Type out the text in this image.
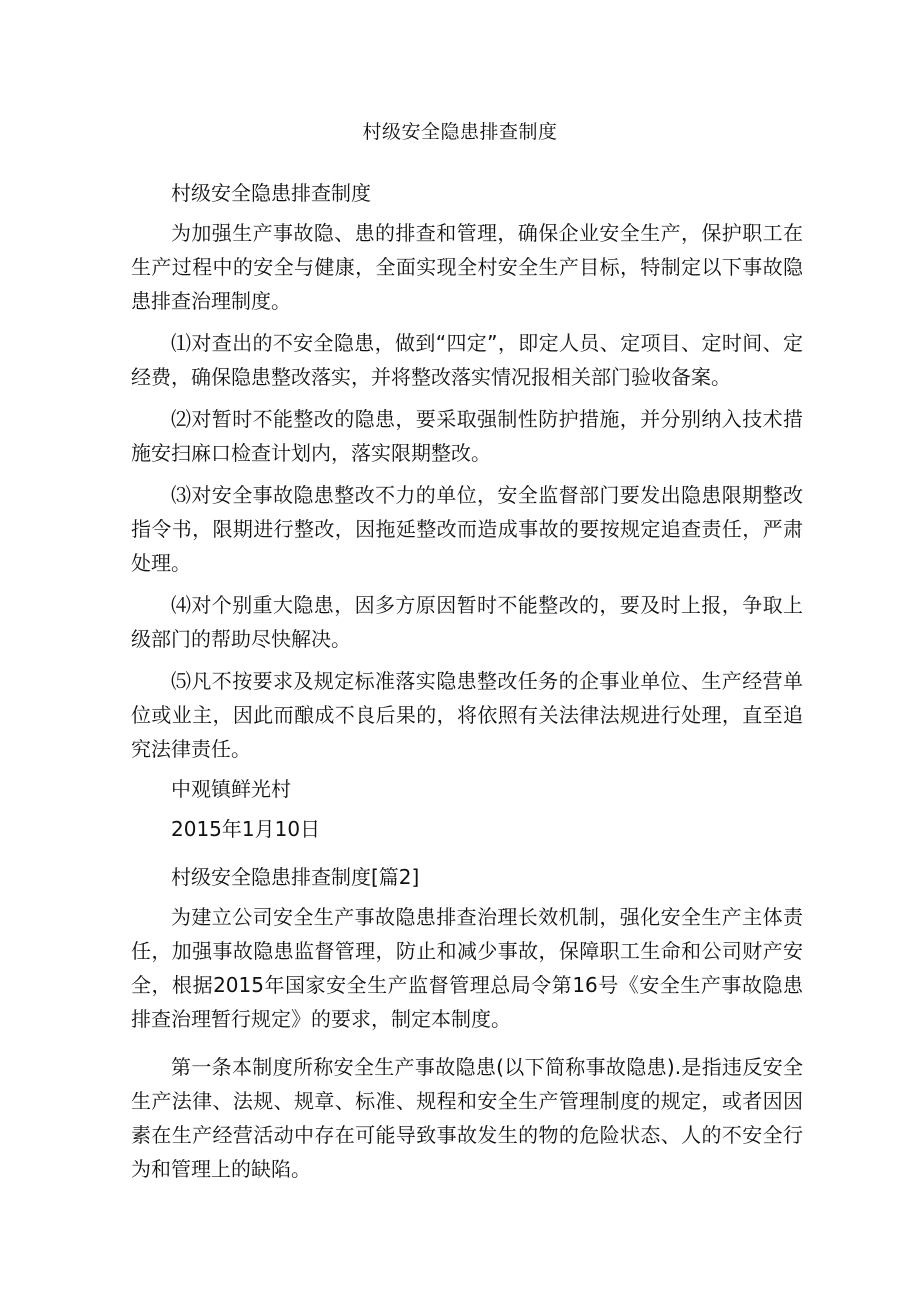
村级安全隐患排查制度

村级安全隐患排查制度

为加强生产事故隐、患的排查和管理，确保企业安全生产，保护职工在生产过程中的安全与健康，全面实现全村安全生产目标，特制定以下事故隐患排查治理制度。

⑴对查出的不安全隐患，做到“四定”，即定人员、定项目、定时间、定经费，确保隐患整改落实，并将整改落实情况报相关部门验收备案。

⑵对暂时不能整改的隐患，要采取强制性防护措施，并分别纳入技术措施安扫麻口检查计划内，落实限期整改。

⑶对安全事故隐患整改不力的单位，安全监督部门要发出隐患限期整改指令书，限期进行整改，因拖延整改而造成事故的要按规定追查责任，严肃处理。

⑷对个别重大隐患，因多方原因暂时不能整改的，要及时上报，争取上级部门的帮助尽快解决。

⑸凡不按要求及规定标准落实隐患整改任务的企事业单位、生产经营单位或业主，因此而酿成不良后果的，将依照有关法律法规进行处理，直至追究法律责任。

中观镇鲜光村

2015年1月10日

村级安全隐患排查制度[篇2]

为建立公司安全生产事故隐患排查治理长效机制，强化安全生产主体责任，加强事故隐患监督管理，防止和减少事故，保障职工生命和公司财产安全，根据2015年国家安全生产监督管理总局令第16号《安全生产事故隐患排查治理暂行规定》的要求，制定本制度。

第一条本制度所称安全生产事故隐患(以下简称事故隐患).是指违反安全生产法律、法规、规章、标准、规程和安全生产管理制度的规定，或者因因素在生产经营活动中存在可能导致事故发生的物的危险状态、人的不安全行为和管理上的缺陷。
